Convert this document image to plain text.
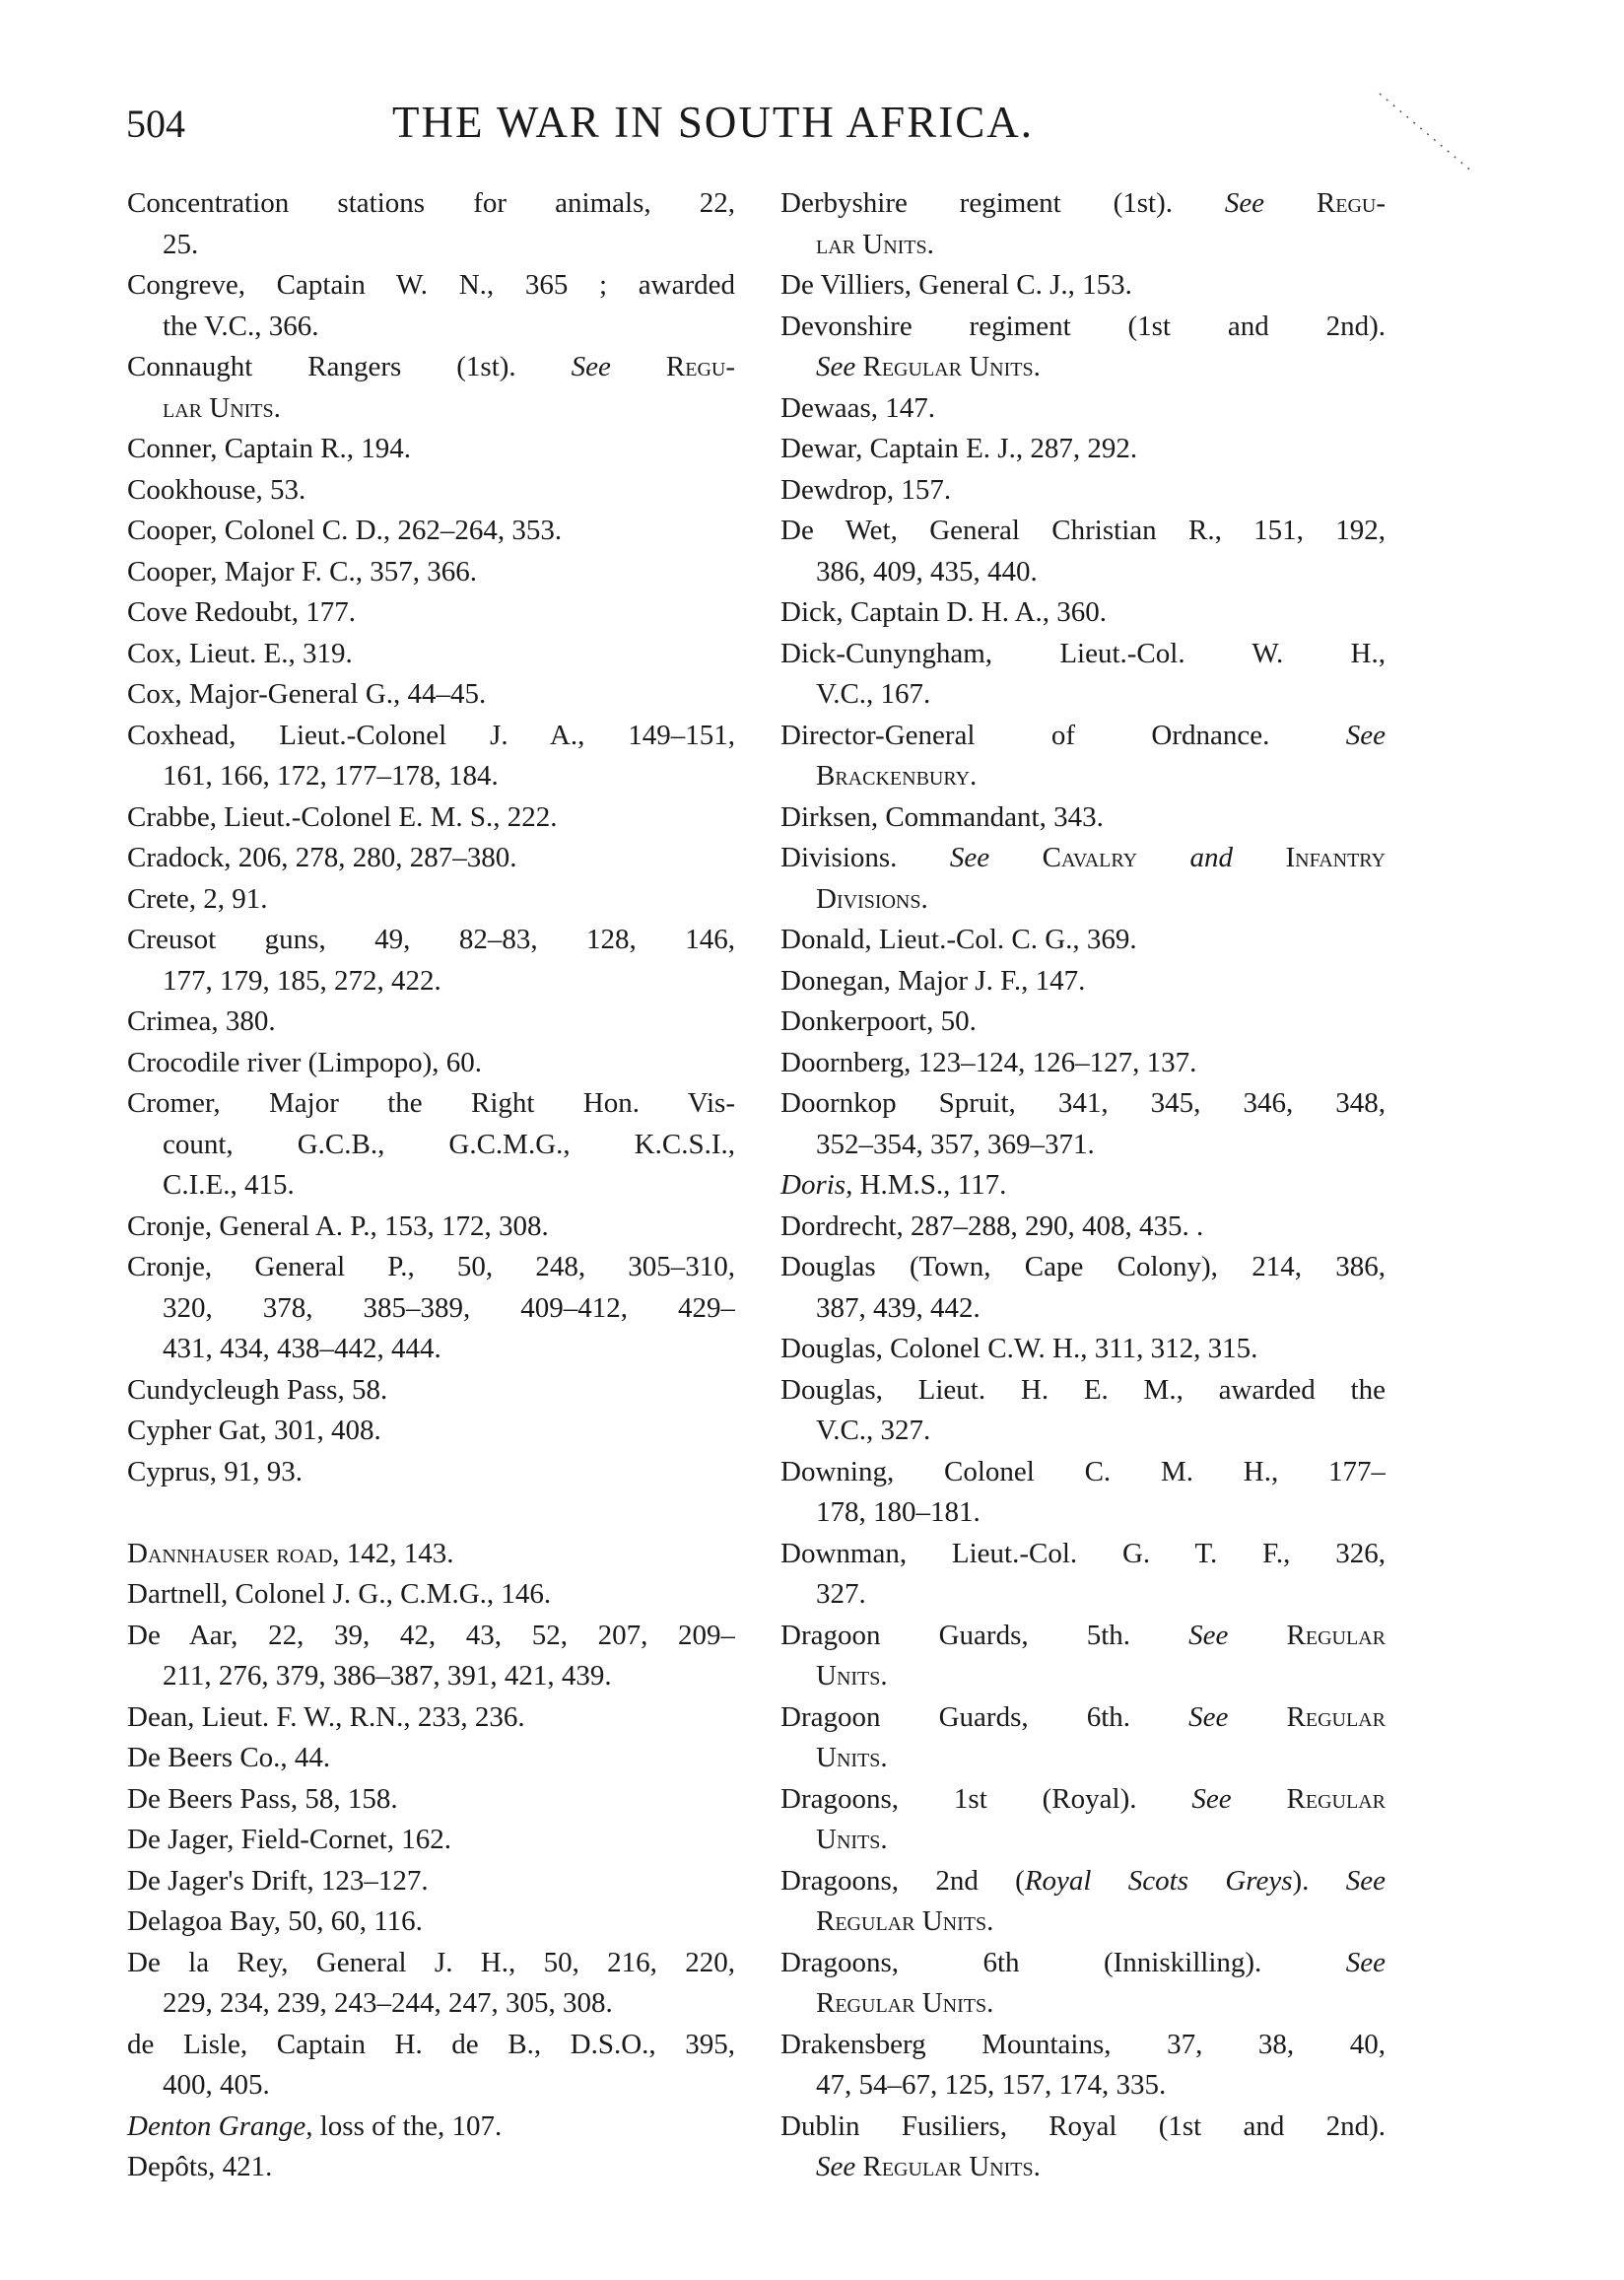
504	THE WAR IN SOUTH AFRICA.
Concentration stations for animals, 22,
25.
Congreve, Captain W. N., 365 ; awarded
the V.C., 366.
Connaught Rangers (1st). See Regu-
lar Units.
Conner, Captain R., 194.
Cookhouse, 53.
Cooper, Colonel C. D., 262–264, 353.
Cooper, Major F. C., 357, 366.
Cove Redoubt, 177.
Cox, Lieut. E., 319.
Cox, Major-General G., 44–45.
Coxhead, Lieut.-Colonel J. A., 149–151,
161, 166, 172, 177–178, 184.
Crabbe, Lieut.-Colonel E. M. S., 222.
Cradock, 206, 278, 280, 287–380.
Crete, 2, 91.
Creusot guns, 49, 82–83, 128, 146,
177, 179, 185, 272, 422.
Crimea, 380.
Crocodile river (Limpopo), 60.
Cromer, Major the Right Hon. Vis-
count, G.C.B., G.C.M.G., K.C.S.I.,
C.I.E., 415.
Cronje, General A. P., 153, 172, 308.
Cronje, General P., 50, 248, 305–310,
320, 378, 385–389, 409–412, 429–
431, 434, 438–442, 444.
Cundycleugh Pass, 58.
Cypher Gat, 301, 408.
Cyprus, 91, 93.
Dannhauser road, 142, 143.
Dartnell, Colonel J. G., C.M.G., 146.
De Aar, 22, 39, 42, 43, 52, 207, 209–
211, 276, 379, 386–387, 391, 421, 439.
Dean, Lieut. F. W., R.N., 233, 236.
De Beers Co., 44.
De Beers Pass, 58, 158.
De Jager, Field-Cornet, 162.
De Jager's Drift, 123–127.
Delagoa Bay, 50, 60, 116.
De la Rey, General J. H., 50, 216, 220,
229, 234, 239, 243–244, 247, 305, 308.
de Lisle, Captain H. de B., D.S.O., 395,
400, 405.
Denton Grange, loss of the, 107.
Depôts, 421.
Derbyshire regiment (1st). See Regu-
lar Units.
De Villiers, General C. J., 153.
Devonshire regiment (1st and 2nd).
See Regular Units.
Dewaas, 147.
Dewar, Captain E. J., 287, 292.
Dewdrop, 157.
De Wet, General Christian R., 151, 192,
386, 409, 435, 440.
Dick, Captain D. H. A., 360.
Dick-Cunyngham, Lieut.-Col. W. H.,
V.C., 167.
Director-General of Ordnance. See
Brackenbury.
Dirksen, Commandant, 343.
Divisions. See Cavalry and Infantry
Divisions.
Donald, Lieut.-Col. C. G., 369.
Donegan, Major J. F., 147.
Donkerpoort, 50.
Doornberg, 123–124, 126–127, 137.
Doornkop Spruit, 341, 345, 346, 348,
352–354, 357, 369–371.
Doris, H.M.S., 117.
Dordrecht, 287–288, 290, 408, 435. .
Douglas (Town, Cape Colony), 214, 386,
387, 439, 442.
Douglas, Colonel C.W. H., 311, 312, 315.
Douglas, Lieut. H. E. M., awarded the
V.C., 327.
Downing, Colonel C. M. H., 177–
178, 180–181.
Downman, Lieut.-Col. G. T. F., 326,
327.
Dragoon Guards, 5th. See Regular
Units.
Dragoon Guards, 6th. See Regular
Units.
Dragoons, 1st (Royal). See Regular
Units.
Dragoons, 2nd (Royal Scots Greys). See
Regular Units.
Dragoons, 6th (Inniskilling). See
Regular Units.
Drakensberg Mountains, 37, 38, 40,
47, 54–67, 125, 157, 174, 335.
Dublin Fusiliers, Royal (1st and 2nd).
See Regular Units.
